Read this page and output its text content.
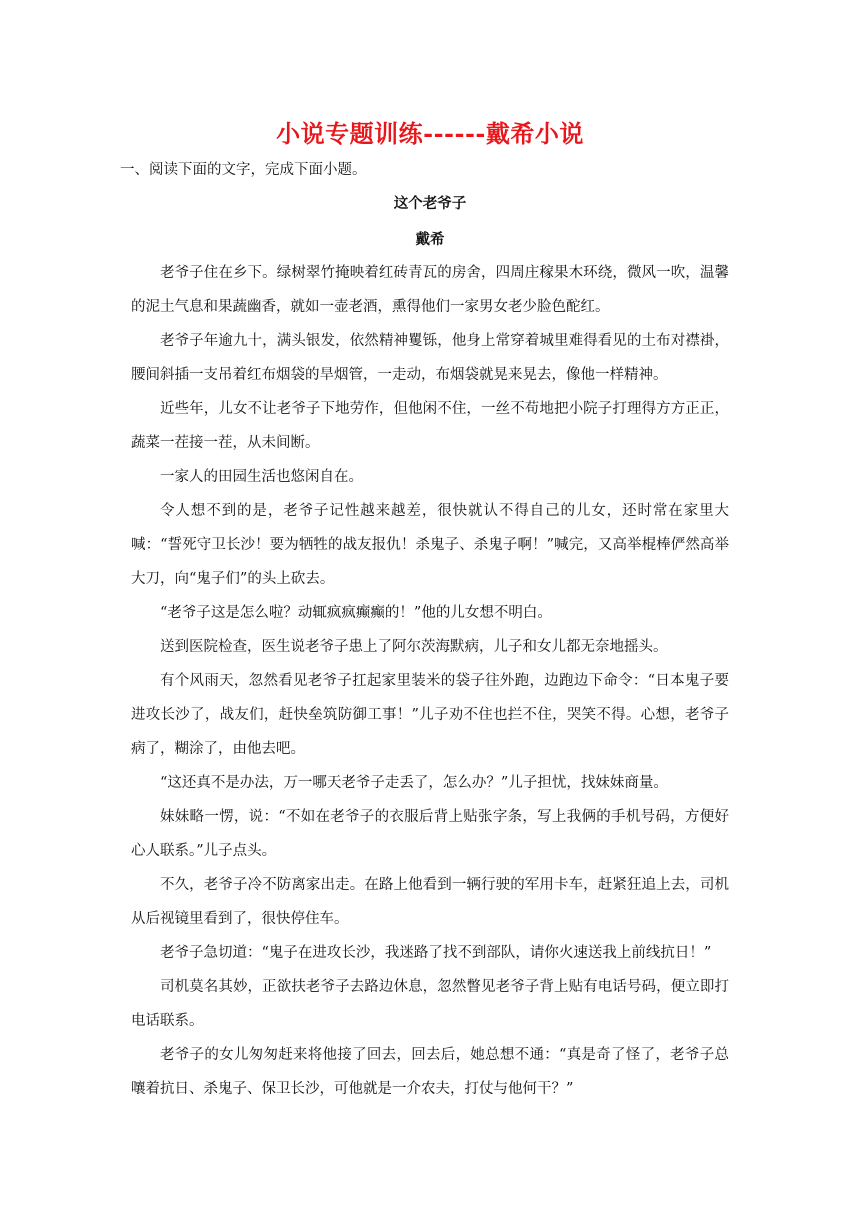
小说专题训练------戴希小说
一、阅读下面的文字，完成下面小题。
这个老爷子
戴希

老爷子住在乡下。绿树翠竹掩映着红砖青瓦的房舍，四周庄稼果木环绕，微风一吹，温馨的泥土气息和果蔬幽香，就如一壶老酒，熏得他们一家男女老少脸色酡红。

老爷子年逾九十，满头银发，依然精神矍铄，他身上常穿着城里难得看见的土布对襟褂，腰间斜插一支吊着红布烟袋的旱烟管，一走动，布烟袋就晃来晃去，像他一样精神。

近些年，儿女不让老爷子下地劳作，但他闲不住，一丝不苟地把小院子打理得方方正正，蔬菜一茬接一茬，从未间断。

一家人的田园生活也悠闲自在。

令人想不到的是，老爷子记性越来越差，很快就认不得自己的儿女，还时常在家里大喊：“誓死守卫长沙！要为牺牲的战友报仇！杀鬼子、杀鬼子啊！”喊完，又高举棍棒俨然高举大刀，向“鬼子们”的头上砍去。

“老爷子这是怎么啦？动辄疯疯癫癫的！”他的儿女想不明白。

送到医院检查，医生说老爷子患上了阿尔茨海默病，儿子和女儿都无奈地摇头。

有个风雨天，忽然看见老爷子扛起家里装米的袋子往外跑，边跑边下命令：“日本鬼子要进攻长沙了，战友们，赶快垒筑防御工事！”儿子劝不住也拦不住，哭笑不得。心想，老爷子病了，糊涂了，由他去吧。

“这还真不是办法，万一哪天老爷子走丢了，怎么办？”儿子担忧，找妹妹商量。

妹妹略一愣，说：“不如在老爷子的衣服后背上贴张字条，写上我俩的手机号码，方便好心人联系。”儿子点头。

不久，老爷子冷不防离家出走。在路上他看到一辆行驶的军用卡车，赶紧狂追上去，司机从后视镜里看到了，很快停住车。

老爷子急切道：“鬼子在进攻长沙，我迷路了找不到部队，请你火速送我上前线抗日！”

司机莫名其妙，正欲扶老爷子去路边休息，忽然瞥见老爷子背上贴有电话号码，便立即打电话联系。

老爷子的女儿匆匆赶来将他接了回去，回去后，她总想不通：“真是奇了怪了，老爷子总嚷着抗日、杀鬼子、保卫长沙，可他就是一介农夫，打仗与他何干？”
